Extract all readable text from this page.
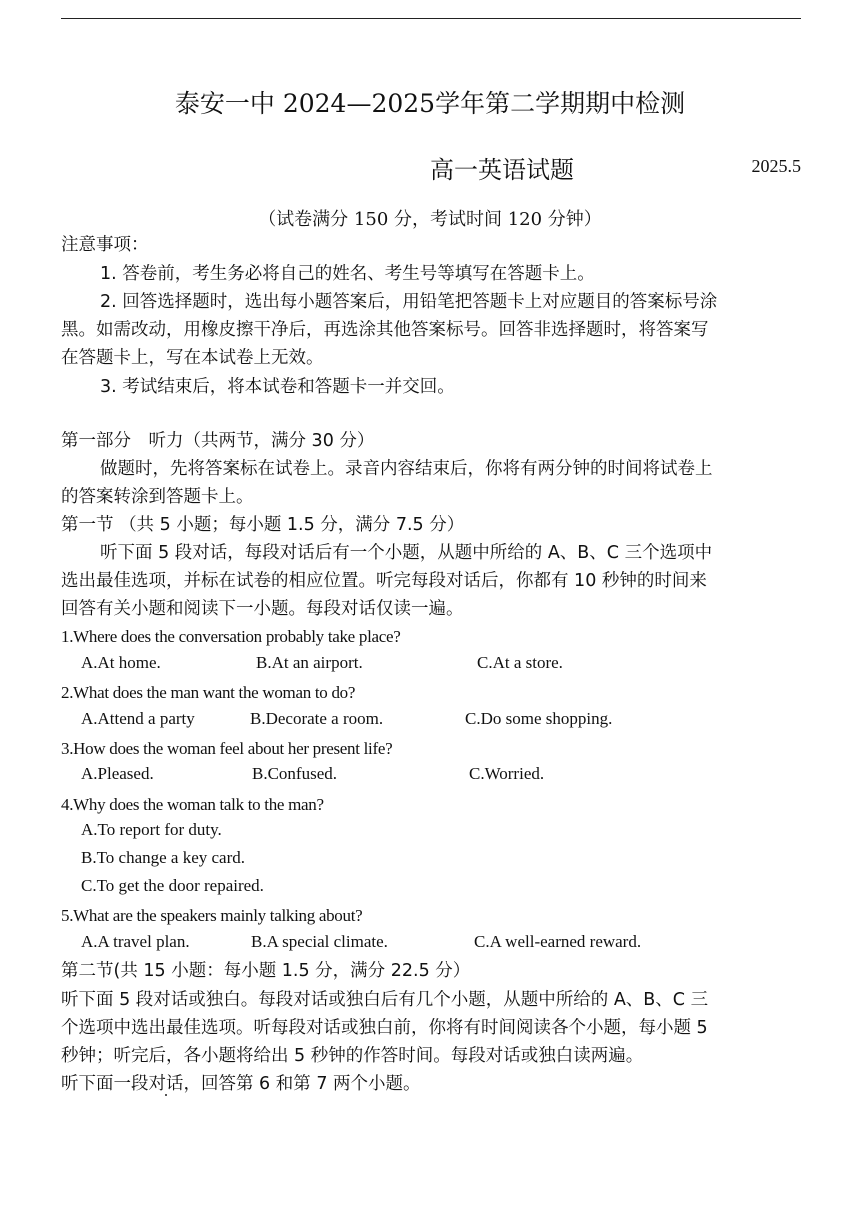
泰安一中 2024—2025学年第二学期期中检测
高一英语试题	2025.5
（试卷满分 150 分，考试时间 120 分钟）
注意事项：
1. 答卷前，考生务必将自己的姓名、考生号等填写在答题卡上。
2. 回答选择题时，选出每小题答案后，用铅笔把答题卡上对应题目的答案标号涂
黑。如需改动，用橡皮擦干净后，再选涂其他答案标号。回答非选择题时，将答案写
在答题卡上，写在本试卷上无效。
3. 考试结束后，将本试卷和答题卡一并交回。
第一部分　听力（共两节，满分 30 分）
做题时，先将答案标在试卷上。录音内容结束后，你将有两分钟的时间将试卷上
的答案转涂到答题卡上。
第一节 （共 5 小题；每小题 1.5 分，满分 7.5 分）
听下面 5 段对话，每段对话后有一个小题，从题中所给的 A、B、C 三个选项中
选出最佳选项，并标在试卷的相应位置。听完每段对话后，你都有 10 秒钟的时间来
回答有关小题和阅读下一小题。每段对话仅读一遍。
1.Where does the conversation probably take place?
A.At home.	B.At an airport.	C.At a store.
2.What does the man want the woman to do?
A.Attend a party	B.Decorate a room.	C.Do some shopping.
3.How does the woman feel about her present life?
A.Pleased.	B.Confused.	C.Worried.
4.Why does the woman talk to the man?
A.To report for duty.
B.To change a key card.
C.To get the door repaired.
5.What are the speakers mainly talking about?
A.A travel plan.	B.A special climate.	C.A well-earned reward.
第二节(共 15 小题：每小题 1.5 分，满分 22.5 分）
听下面 5 段对话或独白。每段对话或独白后有几个小题，从题中所给的 A、B、C 三
个选项中选出最佳选项。听每段对话或独白前，你将有时间阅读各个小题，每小题 5
秒钟；听完后，各小题将给出 5 秒钟的作答时间。每段对话或独白读两遍。
听下面一段对话，回答第 6 和第 7 两个小题。
